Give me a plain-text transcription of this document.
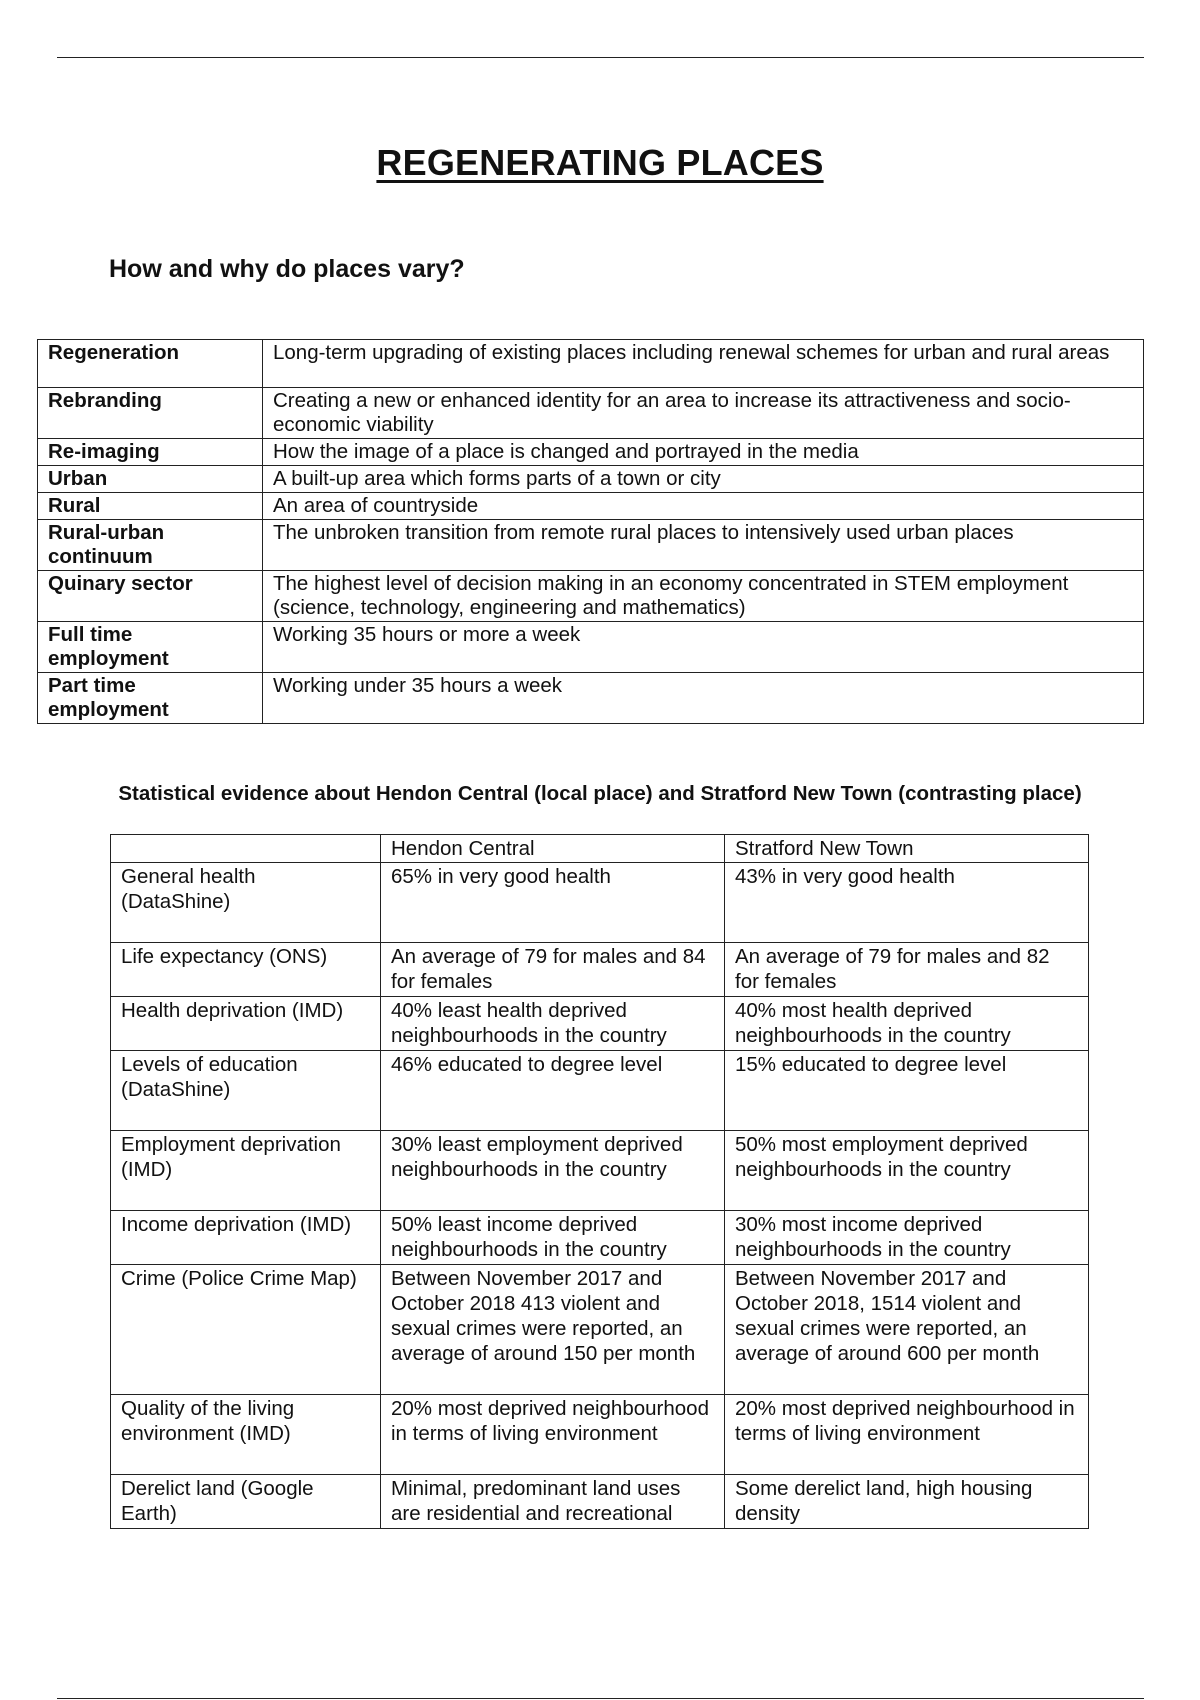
REGENERATING PLACES
How and why do places vary?
Regeneration	Long-term upgrading of existing places including renewal schemes for urban and rural areas
Rebranding	Creating a new or enhanced identity for an area to increase its attractiveness and socio-economic viability
Re-imaging	How the image of a place is changed and portrayed in the media
Urban	A built-up area which forms parts of a town or city
Rural	An area of countryside
Rural-urban continuum	The unbroken transition from remote rural places to intensively used urban places
Quinary sector	The highest level of decision making in an economy concentrated in STEM employment (science, technology, engineering and mathematics)
Full time employment	Working 35 hours or more a week
Part time employment	Working under 35 hours a week
Statistical evidence about Hendon Central (local place) and Stratford New Town (contrasting place)
	Hendon Central	Stratford New Town
General health (DataShine)	65% in very good health	43% in very good health
Life expectancy (ONS)	An average of 79 for males and 84 for females	An average of 79 for males and 82 for females
Health deprivation (IMD)	40% least health deprived neighbourhoods in the country	40% most health deprived neighbourhoods in the country
Levels of education (DataShine)	46% educated to degree level	15% educated to degree level
Employment deprivation (IMD)	30% least employment deprived neighbourhoods in the country	50% most employment deprived neighbourhoods in the country
Income deprivation (IMD)	50% least income deprived neighbourhoods in the country	30% most income deprived neighbourhoods in the country
Crime (Police Crime Map)	Between November 2017 and October 2018 413 violent and sexual crimes were reported, an average of around 150 per month	Between November 2017 and October 2018, 1514 violent and sexual crimes were reported, an average of around 600 per month
Quality of the living environment (IMD)	20% most deprived neighbourhood in terms of living environment	20% most deprived neighbourhood in terms of living environment
Derelict land (Google Earth)	Minimal, predominant land uses are residential and recreational	Some derelict land, high housing density
